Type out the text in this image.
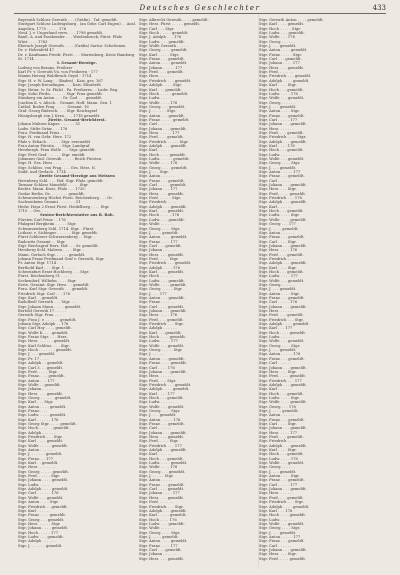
Deutsches Geschlechter	433
Bayreuth Schloss Gereuth . . . (Gräfin) . Taf. gemeldt.
Stuttgart Schloss Ludwigsburg . (an Gebr. Carl Eugen) . . Ausl.
Angelica, 1770 . . . . . 176
Neuf. J. v. Ungerland verw. . . . 1798 gemeldt.
Bauß, A. und Fassbender . . . Wiedenbruck, Fürst. Pfalz
Wüst . . . . 1783
Eberach Joseph Gereuth . . . . (Gräfin) Sartor. Schottenen
Dr. v. Hohenfeld 47
Dr. v. Kaufmann Friedr. Fürst . . . Marienburg, Kreis Hamburg
St. 1714 . . . . .
I. Gesamt-Herzöge.
Ludwig von Brauns, Freiherr
Karl Fr. v. Gereuth Vn. von Freiherrn - 177
Maxim Herzog Waldbruck Geyel - 1714
Stgr. H. v. W. Lang . . (Baden) . Kais. ges. 167
Stgr. Joseph Kreuzlingen . . . Kais. Elisabeth
Stgr. Heinr. (v. Sr. Pfalz) . Pa. Freiherrn . . Ludw. Reg.
Stgr. Sohn Ferdn. . . . . . . Stgr. Frau gemeldt.
Stimberg ein Anton . . . Gr. Carl . . . gemeldt.
Joachim K. v. Altsch. . Gesamt. Hoff. Mann. Gen. 1
Cathol. Boden Prag . . . . . Gesamt. 16
Graf. Georg Rüdesch. . . . Stgr. Reichsgraf
Hönigsburgh von J. Krzn. . . . 1718 gemeldt.
Zweite. Gesamt-Berichterst.
Johann Mahren Kapar. . . . . . . 51
Ludw. Stifte Ostar . . . 176
Frau. Ferdinand Prinz . . . .
Stgr. H. von Gebr. Herz. 172
Pfalz v. Erbach . . . . . . Stgr. ersemeldt
Frau Anton Fürstin . . . Stgr. Landgraf
Herzbergh. Frau Wolfe . . . Stgr. gemeldt.
Stgr. Ferd Graf . . . . . . Stgr. emeldt
Johannes Gnd. Gereuth . . . . . Reich Fürsten.
Stgr. H. Ges. Herz . . . . .
Stgr. Schlöss. von Prag. . . . Ges. Herz. N.
Sudd. und Gerlach . 1714 . . . . . . .
Zweite Gesamt-Herzöge aus Meissen
Herrnberg Schl. . . . Hof. Stgr. Pfalz. gemeldt.
Tarnaur Schloss Mansfeld . . . . . Stgr.
Bechtr. Mann. Kreis. Pfalz . . . 1720.
Goslar Berlin. Dr. . . . . . . . gemeldt.
Schwarzenberg Höchst Fürst. Reichenberg . . . Gr.
Sachsenheim Gesamt . . . . . . . 51
Hedw. Hoya 2 Ernst Fürst. Heidelberg . . . . Stgr.
1710 . . Ger. . . .
Sexten-Berichterstatter aus B. Boh.
Fürsten Carl Prinz . . 176
Pfalzgraf Bergheim . . . . . Stgr.
Schwarzenberg Schl. 1714. Stgr. . Fürst.
Lothari. v. Sichinger . . . . . . Stgr. gemeldt.
Fürst Schlösser Schwarzenberg . . Stgr. .
Radowitz Gesamt . . Stgr.
Stgr. Reichsgraf Herz. Hof . . . Sr. gemeldt.
Herzberg Schl. Mahren . . . . Stgr. .
Mann. Gerlach Stgr. . . . . . gemeldt.
Johann Franz Ferdinand Graf v. Gereuth, Stgr.
Fr. Anton Stgr. 1714 . . .
Berthold Karl . . . Stgr. 1 . . . .
Schweinfurt Ernst Hochberg . . . Stgr.
Fürst. Reichenberg 51 . . . . . .
Seckendorf, Wilhelm . . . . Stgr.
Erste. Gesamt. Stgr. Herz. . . gemeldt.
Frau. Karl Stgr. Gereuth . . . gemeldt.
Friedrich Stgr. Carl . . . 176
Stgr. Karl . . gemeldt.
Radolfzell Gereuth . . . Stgr. . .
Stgr. Johann Mann. . . . . gemeldt.
Bertold Gereuth 17 . . . . .
Gereuth Stgr. Frau . . .
Stgr. Frau J. v. . . . . . . gemeldt.
Johann Stgr. Adolph . . 176
Stgr. Carl Hoy . . . . gemeldt.
Stgr. Wolfe K. . . . gemeldt.
Stgr. Franz Stgr. . . . Herz.
Stgr. Herz. . . . . . . gemeldt.
Stgr. Karl Schlöss. . . . Stgr.
Stgr. Hoch . . . . . . . gemeldt.
Stgr. J. . . . gemeldt.
Stgr. Fr. 17 . . . .
Stgr. Adolph . . gemeldt.
Stgr. Carl 3. . . gemeldt.
Stgr. Ferd. . . . . Stgr.
Stgr. Franz. . . . gemeldt.
Stgr. Anton . . . 177
Stgr. Wolfe . . gemeldt.
Stgr. Johann . . . . .
Stgr. Herz. . . . gemeldt.
Stgr. Georg . . . . . . gemeldt.
Stgr. Karl . . . Stgr.
Stgr. Anton . . . . gemeldt.
Stgr. Franz. . . .
Stgr. Ludw. . . . . gemeldt.
Stgr. Karl . . . . . . 176
Stgr. Georg Stgr. . . . . gemeldt.
Stgr. Hoch . . . . . . gemeldt.
Stgr. Adolph . . . . . .
Stgr. Friedrich . . . Stgr.
Stgr. Karl . . . . gemeldt.
Stgr. Wolfe . . . . . gemeldt.
Stgr. Anton . . . . . . .
Stgr. J. . . . . . . gemeldt.
Stgr. Franz. . . 177
Stgr. Karl . . gemeldt.
Stgr. Herz. . . . . . . .
Stgr. Georg . . . . . gemeldt.
Stgr. Ferd. . . . . . Stgr.
Stgr. Johann . . . . gemeldt.
Stgr. Ludw. . . . .
Stgr. Adolph . . . . gemeldt.
Stgr. Carl . . . . . . 176
Stgr. Wolfe . . . gemeldt.
Stgr. Anton . . . . Stgr.
Stgr. Friedrich . . gemeldt.
Stgr. Karl . . . . . .
Stgr. Franz . . . . gemeldt.
Stgr. Georg . . . gemeldt.
Stgr. Herz. . . . . . Stgr.
Stgr. Johann . . . . gemeldt.
Stgr. Hoch . . . . . 177
Stgr. Ludw. . . . gemeldt.
Stgr. Adolph . . . . . .
Stgr. J. . . . . . . gemeldt.
Stgr. Albrecht Gereuth . . . . gemeldt.
Stgr. Herz. Fürst . . . . . gemeldt.
Stgr. Carl . . . Stgr.
Stgr. Hoch . . . . . gemeldt.
Stgr. J. Adolph . . . 176
Stgr. Ludw. . . . gemeldt.
Stgr. Wolfe Gereuth . . . . .
Stgr. Georg . . . . gemeldt.
Stgr. Karl . . . . . Stgr.
Stgr. Franz . . . gemeldt.
Stgr. Anton . . . . gemeldt.
Stgr. Johann . . . . . 177
Stgr. Ferd. . . . gemeldt.
Stgr. Herz. . . . . . .
Stgr. Friedrich . . . gemeldt.
Stgr. Adolph . . . . Stgr.
Stgr. Karl . . . gemeldt.
Stgr. Hoch . . . . . gemeldt.
Stgr. Ludw. . . . . .
Stgr. Wolfe . . . . 176
Stgr. Georg . . . gemeldt.
Stgr. J. . . . . . . Stgr.
Stgr. Anton . . . gemeldt.
Stgr. Franz . . . . . gemeldt.
Stgr. Carl . . . . .
Stgr. Johann . . . gemeldt.
Stgr. Herz. . . . . . 177
Stgr. Ferd. . . . gemeldt.
Stgr. Friedrich . . . . . Stgr.
Stgr. Adolph . . . gemeldt.
Stgr. Karl . . . . .
Stgr. Hoch . . . . gemeldt.
Stgr. Ludw. . . . . . gemeldt.
Stgr. Wolfe . . . . 176
Stgr. Georg . . . . gemeldt.
Stgr. J. . . . Stgr.
Stgr. Anton . . . . . .
Stgr. Franz . . . gemeldt.
Stgr. Carl . . . . . gemeldt.
Stgr. Johann . . . 177
Stgr. Herz. . . . gemeldt.
Stgr. Ferd. . . . . . Stgr.
Stgr. Friedrich . . . .
Stgr. Adolph . . . gemeldt.
Stgr. Karl . . . . gemeldt.
Stgr. Hoch . . . . . 176
Stgr. Ludw. . . . gemeldt.
Stgr. Wolfe . . . . . .
Stgr. Georg . . . . Stgr.
Stgr. J. . . . . gemeldt.
Stgr. Anton . . . . gemeldt.
Stgr. Franz . . . . 177
Stgr. Carl . . . gemeldt.
Stgr. Johann . . . . . .
Stgr. Herz. . . . gemeldt.
Stgr. Ferd. . . . . Stgr.
Stgr. Friedrich . . . gemeldt.
Stgr. Adolph . . . . 176
Stgr. Karl . . . . gemeldt.
Stgr. Hoch . . . . . .
Stgr. Ludw. . . . gemeldt.
Stgr. Wolfe . . . . gemeldt.
Stgr. Georg . . . . . Stgr.
Stgr. J. . . . 177
Stgr. Anton . . . gemeldt.
Stgr. Franz . . . . . .
Stgr. Carl . . . . gemeldt.
Stgr. Johann . . . gemeldt.
Stgr. Herz. . . . . 176
Stgr. Ferd. . . . gemeldt.
Stgr. Friedrich . . . Stgr.
Stgr. Adolph . . . . . .
Stgr. Karl . . . gemeldt.
Stgr. Hoch . . . . gemeldt.
Stgr. Ludw. . . . . 177
Stgr. Wolfe . . . gemeldt.
Stgr. Georg . . . . . Stgr.
Stgr. J. . . . . .
Stgr. Anton . . . gemeldt.
Stgr. Franz . . . . gemeldt.
Stgr. Carl . . . . 176
Stgr. Johann . . . gemeldt.
Stgr. Herz. . . . . . .
Stgr. Ferd. . . . Stgr.
Stgr. Friedrich . . . gemeldt.
Stgr. Adolph . . . . gemeldt.
Stgr. Karl . . . . 177
Stgr. Hoch . . . gemeldt.
Stgr. Ludw. . . . . . .
Stgr. Wolfe . . . gemeldt.
Stgr. Georg . . . . Stgr.
Stgr. J. . . . gemeldt.
Stgr. Anton . . . . . 176
Stgr. Franz . . . gemeldt.
Stgr. Carl . . . . . .
Stgr. Johann . . . gemeldt.
Stgr. Herz. . . . gemeldt.
Stgr. Ferd. . . . . Stgr.
Stgr. Friedrich . . . 177
Stgr. Adolph . . . gemeldt.
Stgr. Karl . . . . . .
Stgr. Hoch . . . gemeldt.
Stgr. Ludw. . . . . gemeldt.
Stgr. Wolfe . . . . 176
Stgr. Georg . . . gemeldt.
Stgr. J. . . . . . Stgr.
Stgr. Anton . . . . .
Stgr. Franz . . . gemeldt.
Stgr. Carl . . . . gemeldt.
Stgr. Johann . . . . 177
Stgr. Herz. . . . gemeldt.
Stgr. Ferd. . . . . . .
Stgr. Friedrich . . . Stgr.
Stgr. Adolph . . . gemeldt.
Stgr. Karl . . . . . gemeldt.
Stgr. Hoch . . . . 176
Stgr. Ludw. . . . gemeldt.
Stgr. Wolfe . . . . . .
Stgr. Georg . . . . Stgr.
Stgr. J. . . . . gemeldt.
Stgr. Anton . . . . gemeldt.
Stgr. Franz . . . . 177
Stgr. Carl . . . gemeldt.
Stgr. Johann . . . . . .
Stgr. Herz. . . . gemeldt.
Stgr. Gereuth Anton . . . . gemeldt.
Stgr. Karl . . . . gemeldt.
Stgr. Hoch . . . . . Stgr.
Stgr. Ludw. . . . gemeldt.
Stgr. Wolfe . . . 176
Stgr. Georg . . . . . .
Stgr. J. . . . gemeldt.
Stgr. Anton . . . . gemeldt.
Stgr. Franz . . . . . Stgr.
Stgr. Carl . . . gemeldt.
Stgr. Johann . . . . 177
Stgr. Herz. . . . gemeldt.
Stgr. Ferd. . . . . . .
Stgr. Friedrich . . . gemeldt.
Stgr. Adolph . . . . gemeldt.
Stgr. Karl . . . . Stgr.
Stgr. Hoch . . . gemeldt.
Stgr. Ludw. . . . . 176
Stgr. Wolfe . . . gemeldt.
Stgr. Georg . . . . . .
Stgr. J. . . . gemeldt.
Stgr. Anton . . . . Stgr.
Stgr. Franz . . . gemeldt.
Stgr. Carl . . . . . 177
Stgr. Johann . . . gemeldt.
Stgr. Herz. . . . . . .
Stgr. Ferd. . . . gemeldt.
Stgr. Friedrich . . . . Stgr.
Stgr. Adolph . . . gemeldt.
Stgr. Karl . . . . 176
Stgr. Hoch . . . gemeldt.
Stgr. Ludw. . . . . . .
Stgr. Wolfe . . . gemeldt.
Stgr. Georg . . . . Stgr.
Stgr. J. . . . gemeldt.
Stgr. Anton . . . . . 177
Stgr. Franz . . . gemeldt.
Stgr. Carl . . . . . .
Stgr. Johann . . . gemeldt.
Stgr. Herz. . . . Stgr.
Stgr. Ferd. . . . . gemeldt.
Stgr. Friedrich . . . 176
Stgr. Adolph . . . gemeldt.
Stgr. Karl . . . . . .
Stgr. Hoch . . . gemeldt.
Stgr. Ludw. . . . . Stgr.
Stgr. Wolfe . . . . gemeldt.
Stgr. Georg . . . 177
Stgr. J. . . . . gemeldt.
Stgr. Anton . . . . . .
Stgr. Franz . . . gemeldt.
Stgr. Carl . . . . Stgr.
Stgr. Johann . . . gemeldt.
Stgr. Herz. . . . . 176
Stgr. Ferd. . . . gemeldt.
Stgr. Friedrich . . . . . .
Stgr. Adolph . . . gemeldt.
Stgr. Karl . . . . Stgr.
Stgr. Hoch . . . gemeldt.
Stgr. Ludw. . . . . 177
Stgr. Wolfe . . . gemeldt.
Stgr. Georg . . . . . .
Stgr. J. . . . gemeldt.
Stgr. Anton . . . . Stgr.
Stgr. Franz . . . gemeldt.
Stgr. Carl . . . . . 176
Stgr. Johann . . . gemeldt.
Stgr. Herz. . . . . . .
Stgr. Ferd. . . . gemeldt.
Stgr. Friedrich . . . Stgr.
Stgr. Adolph . . . . gemeldt.
Stgr. Karl . . . 177
Stgr. Hoch . . . . gemeldt.
Stgr. Ludw. . . . . . .
Stgr. Wolfe . . . gemeldt.
Stgr. Georg . . . . Stgr.
Stgr. J. . . . gemeldt.
Stgr. Anton . . . . . 176
Stgr. Franz . . . gemeldt.
Stgr. Carl . . . . . .
Stgr. Johann . . . gemeldt.
Stgr. Herz. . . . Stgr.
Stgr. Ferd. . . . . gemeldt.
Stgr. Friedrich . . . 177
Stgr. Adolph . . . gemeldt.
Stgr. Karl . . . . . .
Stgr. Hoch . . . gemeldt.
Stgr. Ludw. . . . . Stgr.
Stgr. Wolfe . . . . gemeldt.
Stgr. Georg . . . 176
Stgr. J. . . . . gemeldt.
Stgr. Anton . . . . . .
Stgr. Franz . . . gemeldt.
Stgr. Carl . . . . Stgr.
Stgr. Johann . . . gemeldt.
Stgr. Herz. . . . . 177
Stgr. Ferd. . . . gemeldt.
Stgr. Friedrich . . . . . .
Stgr. Adolph . . . gemeldt.
Stgr. Karl . . . . Stgr.
Stgr. Hoch . . . gemeldt.
Stgr. Ludw. . . . . 176
Stgr. Wolfe . . . gemeldt.
Stgr. Georg . . . . . .
Stgr. J. . . . gemeldt.
Stgr. Anton . . . . Stgr.
Stgr. Franz . . . gemeldt.
Stgr. Carl . . . . . 177
Stgr. Johann . . . gemeldt.
Stgr. Herz. . . . . . .
Stgr. Ferd. . . . gemeldt.
Stgr. Friedrich . . . Stgr.
Stgr. Adolph . . . . gemeldt.
Stgr. Karl . . . 176
Stgr. Hoch . . . . gemeldt.
Stgr. Ludw. . . . . . .
Stgr. Wolfe . . . gemeldt.
Stgr. Georg . . . . Stgr.
Stgr. J. . . . gemeldt.
Stgr. Anton . . . . . 177
Stgr. Franz . . . gemeldt.
Stgr. Carl . . . . . .
Stgr. Johann . . . gemeldt.
Stgr. Herz. . . . Stgr.
Stgr. Ferd. . . . . gemeldt.
